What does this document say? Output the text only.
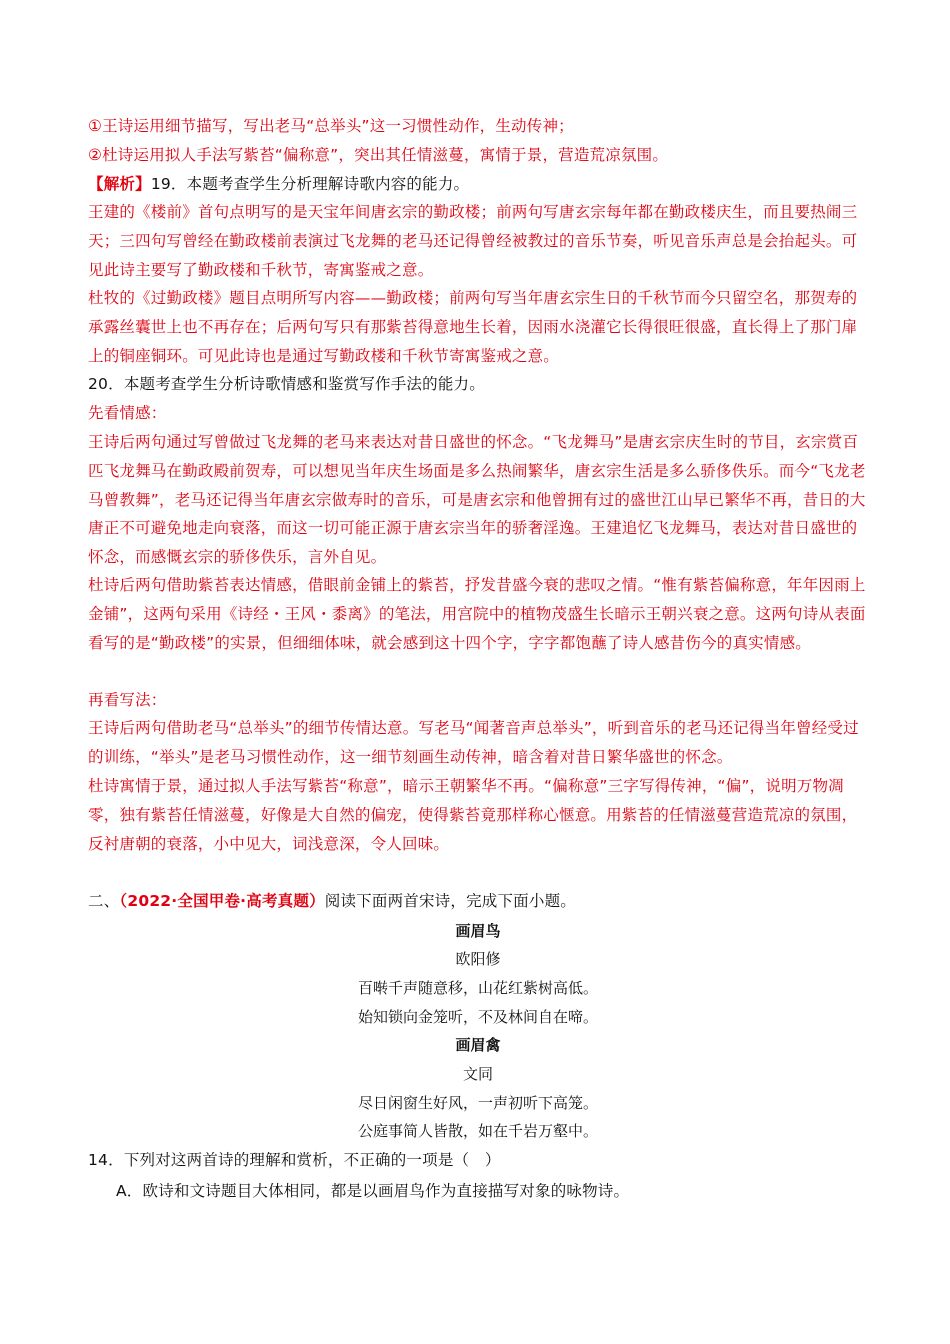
①王诗运用细节描写，写出老马“总举头”这一习惯性动作，生动传神；
②杜诗运用拟人手法写紫苔“偏称意”，突出其任情滋蔓，寓情于景，营造荒凉氛围。
【解析】19．本题考查学生分析理解诗歌内容的能力。
王建的《楼前》首句点明写的是天宝年间唐玄宗的勤政楼；前两句写唐玄宗每年都在勤政楼庆生，而且要热闹三天；三四句写曾经在勤政楼前表演过飞龙舞的老马还记得曾经被教过的音乐节奏，听见音乐声总是会抬起头。可见此诗主要写了勤政楼和千秋节，寄寓鉴戒之意。
杜牧的《过勤政楼》题目点明所写内容——勤政楼；前两句写当年唐玄宗生日的千秋节而今只留空名，那贺寿的承露丝囊世上也不再存在；后两句写只有那紫苔得意地生长着，因雨水浇灌它长得很旺很盛，直长得上了那门扉上的铜座铜环。可见此诗也是通过写勤政楼和千秋节寄寓鉴戒之意。
20．本题考查学生分析诗歌情感和鉴赏写作手法的能力。
先看情感：
王诗后两句通过写曾做过飞龙舞的老马来表达对昔日盛世的怀念。“飞龙舞马”是唐玄宗庆生时的节目，玄宗赏百匹飞龙舞马在勤政殿前贺寿，可以想见当年庆生场面是多么热闹繁华，唐玄宗生活是多么骄侈佚乐。而今“飞龙老马曾教舞”，老马还记得当年唐玄宗做寿时的音乐，可是唐玄宗和他曾拥有过的盛世江山早已繁华不再，昔日的大唐正不可避免地走向衰落，而这一切可能正源于唐玄宗当年的骄奢淫逸。王建追忆飞龙舞马，表达对昔日盛世的怀念，而感慨玄宗的骄侈佚乐，言外自见。
杜诗后两句借助紫苔表达情感，借眼前金铺上的紫苔，抒发昔盛今衰的悲叹之情。“惟有紫苔偏称意，年年因雨上金铺”，这两句采用《诗经・王风・黍离》的笔法，用宫院中的植物茂盛生长暗示王朝兴衰之意。这两句诗从表面看写的是“勤政楼”的实景，但细细体味，就会感到这十四个字，字字都饱蘸了诗人感昔伤今的真实情感。
再看写法：
王诗后两句借助老马“总举头”的细节传情达意。写老马“闻著音声总举头”，听到音乐的老马还记得当年曾经受过的训练，“举头”是老马习惯性动作，这一细节刻画生动传神，暗含着对昔日繁华盛世的怀念。
杜诗寓情于景，通过拟人手法写紫苔“称意”，暗示王朝繁华不再。“偏称意”三字写得传神，“偏”，说明万物凋零，独有紫苔任情滋蔓，好像是大自然的偏宠，使得紫苔竟那样称心惬意。用紫苔的任情滋蔓营造荒凉的氛围，反衬唐朝的衰落，小中见大，词浅意深，令人回味。
二、（2022·全国甲卷·高考真题）阅读下面两首宋诗，完成下面小题。
画眉鸟
欧阳修
百啭千声随意移，山花红紫树高低。
始知锁向金笼听，不及林间自在啼。
画眉禽
文同
尽日闲窗生好风，一声初听下高笼。
公庭事简人皆散，如在千岩万壑中。
14．下列对这两首诗的理解和赏析，不正确的一项是（　）
A．欧诗和文诗题目大体相同，都是以画眉鸟作为直接描写对象的咏物诗。
